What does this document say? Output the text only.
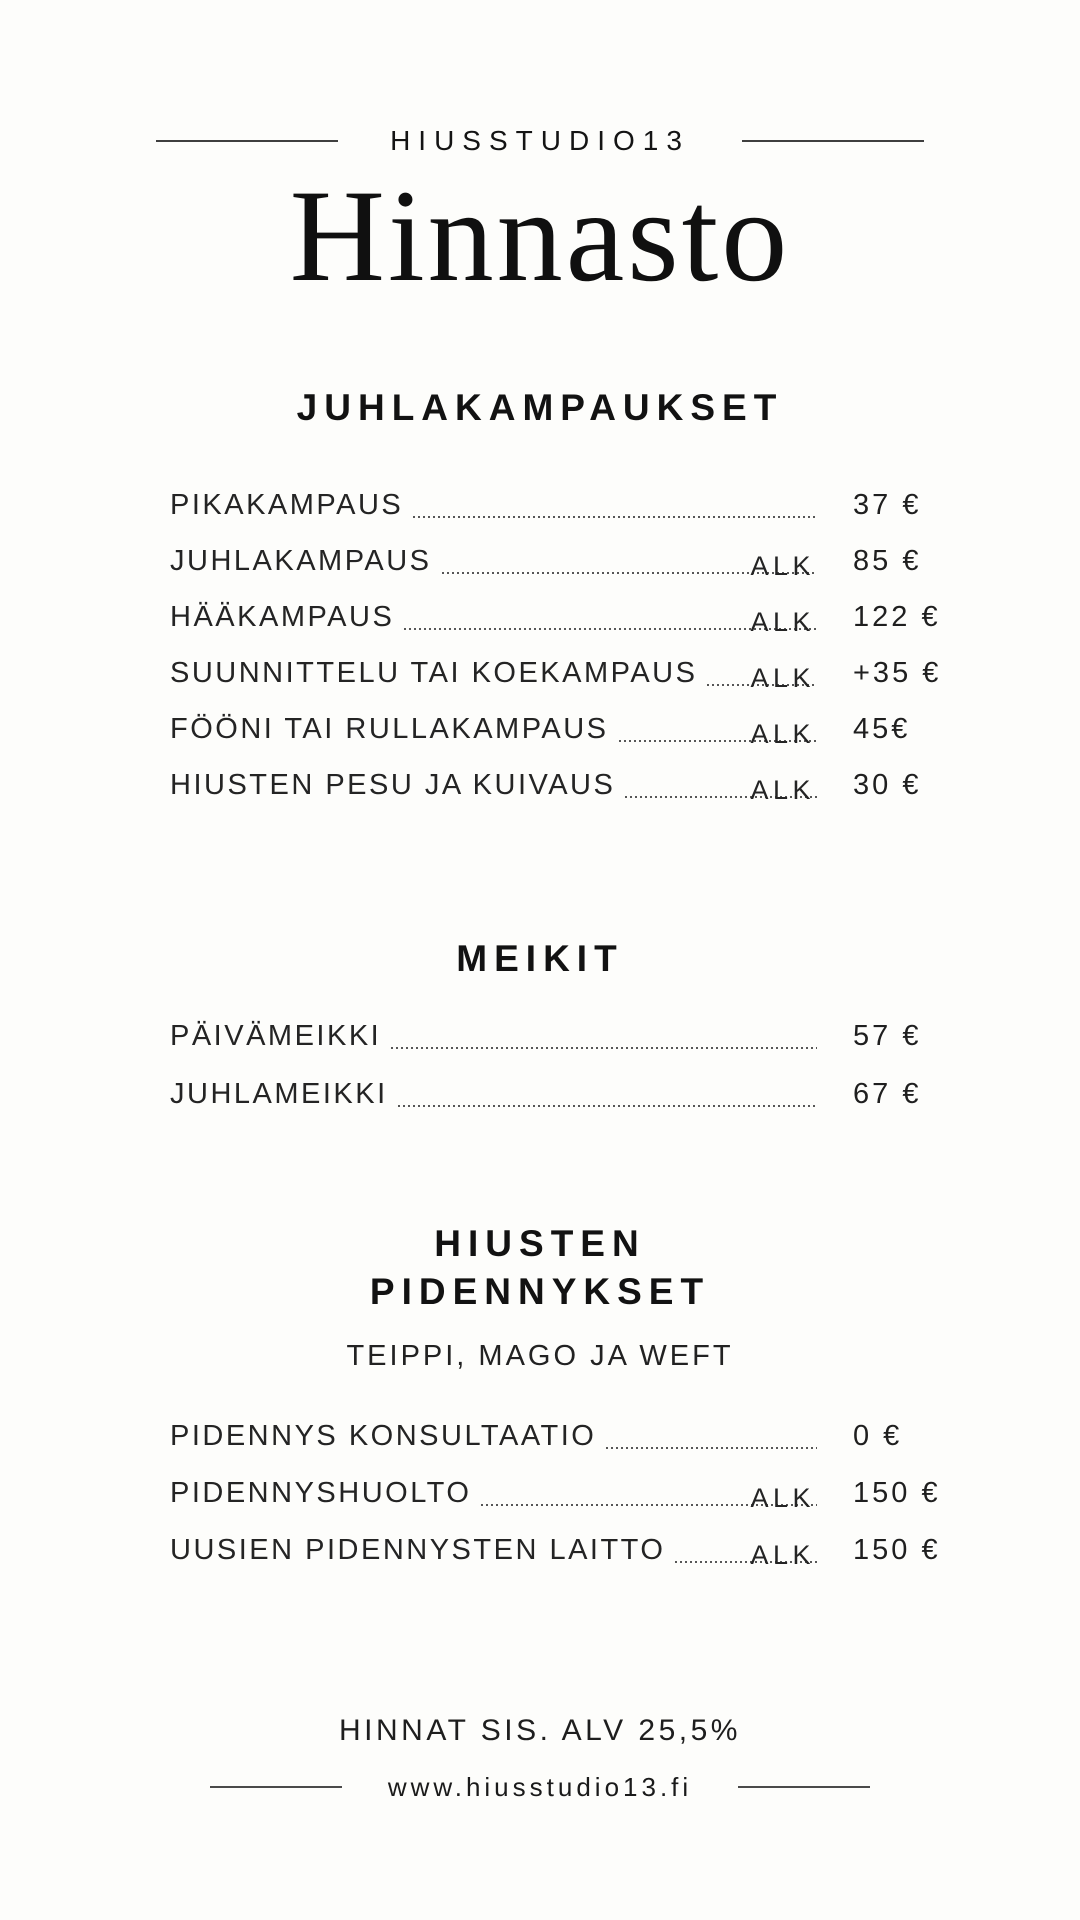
HIUSSTUDIO13
Hinnasto
JUHLAKAMPAUKSET
PIKAKAMPAUS	37 €
JUHLAKAMPAUS	ALK	85 €
HÄÄKAMPAUS	ALK	122 €
SUUNNITTELU TAI KOEKAMPAUS ALK	+35 €
FÖÖNI TAI RULLAKAMPAUS	ALK	45€
HIUSTEN PESU JA KUIVAUS	ALK	30 €
MEIKIT
PÄIVÄMEIKKI	57 €
JUHLAMEIKKI	67 €
HIUSTEN
PIDENNYKSET
TEIPPI, MAGO JA WEFT
PIDENNYS KONSULTAATIO	0 €
PIDENNYSHUOLTO	ALK	150 €
UUSIEN PIDENNYSTEN LAITTO	ALK	150 €
HINNAT SIS. ALV 25,5%
www.hiusstudio13.fi
